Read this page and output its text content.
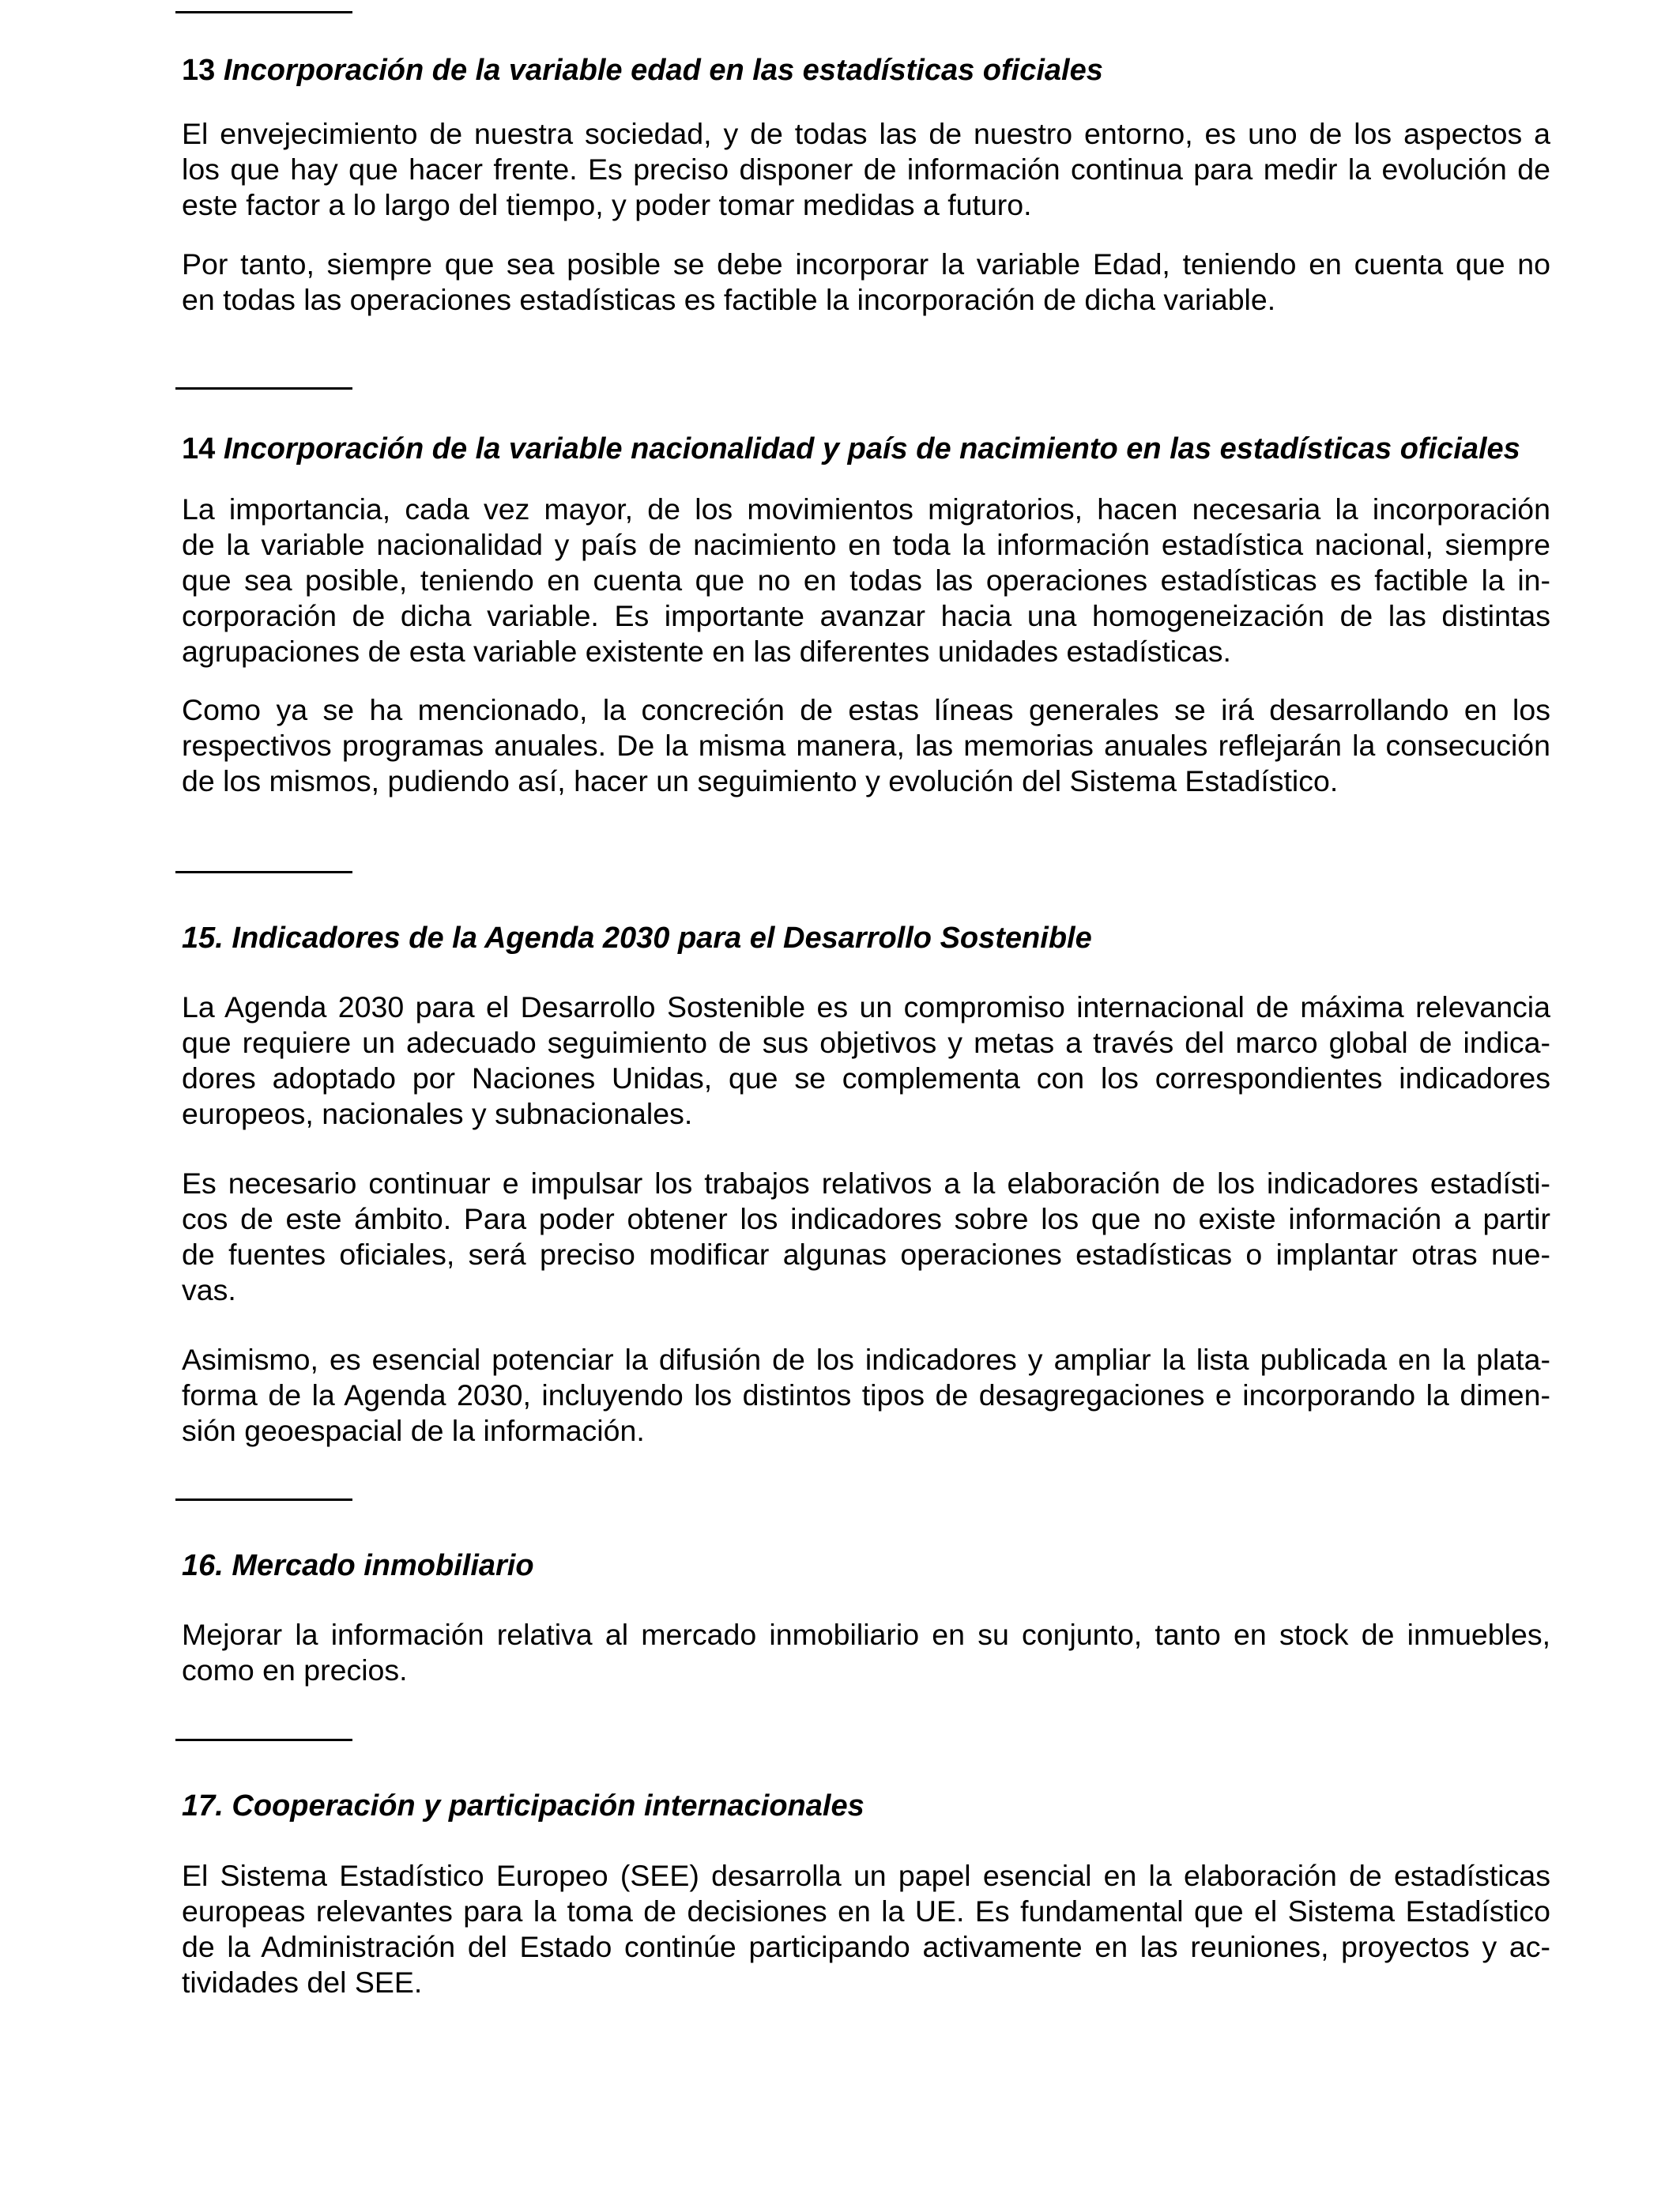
13 Incorporación de la variable edad en las estadísticas oficiales
El envejecimiento de nuestra sociedad, y de todas las de nuestro entorno, es uno de los aspectos a
los que hay que hacer frente. Es preciso disponer de información continua para medir la evolución de
este factor a lo largo del tiempo, y poder tomar medidas a futuro.
Por tanto, siempre que sea posible se debe incorporar la variable Edad, teniendo en cuenta que no
en todas las operaciones estadísticas es factible la incorporación de dicha variable.
14 Incorporación de la variable nacionalidad y país de nacimiento en las estadísticas oficiales
La importancia, cada vez mayor, de los movimientos migratorios, hacen necesaria la incorporación
de la variable nacionalidad y país de nacimiento en toda la información estadística nacional, siempre
que sea posible, teniendo en cuenta que no en todas las operaciones estadísticas es factible la in-
corporación de dicha variable. Es importante avanzar hacia una homogeneización de las distintas
agrupaciones de esta variable existente en las diferentes unidades estadísticas.
Como ya se ha mencionado, la concreción de estas líneas generales se irá desarrollando en los
respectivos programas anuales. De la misma manera, las memorias anuales reflejarán la consecución
de los mismos, pudiendo así, hacer un seguimiento y evolución del Sistema Estadístico.
15. Indicadores de la Agenda 2030 para el Desarrollo Sostenible
La Agenda 2030 para el Desarrollo Sostenible es un compromiso internacional de máxima relevancia
que requiere un adecuado seguimiento de sus objetivos y metas a través del marco global de indica-
dores adoptado por Naciones Unidas, que se complementa con los correspondientes indicadores
europeos, nacionales y subnacionales.
Es necesario continuar e impulsar los trabajos relativos a la elaboración de los indicadores estadísti-
cos de este ámbito. Para poder obtener los indicadores sobre los que no existe información a partir
de fuentes oficiales, será preciso modificar algunas operaciones estadísticas o implantar otras nue-
vas.
Asimismo, es esencial potenciar la difusión de los indicadores y ampliar la lista publicada en la plata-
forma de la Agenda 2030, incluyendo los distintos tipos de desagregaciones e incorporando la dimen-
sión geoespacial de la información.
16. Mercado inmobiliario
Mejorar la información relativa al mercado inmobiliario en su conjunto, tanto en stock de inmuebles,
como en precios.
17. Cooperación y participación internacionales
El Sistema Estadístico Europeo (SEE) desarrolla un papel esencial en la elaboración de estadísticas
europeas relevantes para la toma de decisiones en la UE. Es fundamental que el Sistema Estadístico
de la Administración del Estado continúe participando activamente en las reuniones, proyectos y ac-
tividades del SEE.
